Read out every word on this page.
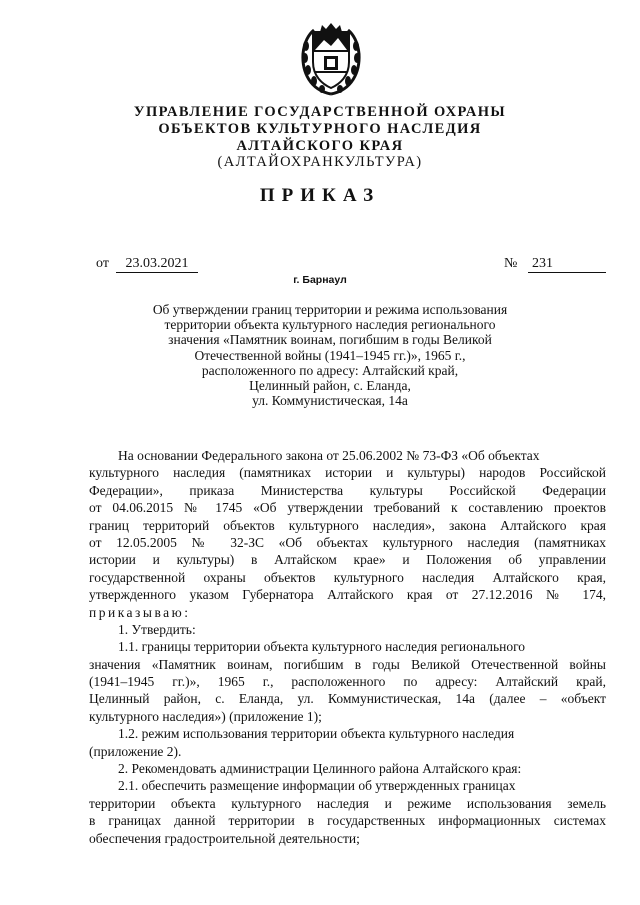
УПРАВЛЕНИЕ ГОСУДАРСТВЕННОЙ ОХРАНЫ
ОБЪЕКТОВ КУЛЬТУРНОГО НАСЛЕДИЯ
АЛТАЙСКОГО КРАЯ
(АЛТАЙОХРАНКУЛЬТУРА)
ПРИКАЗ
от	23.03.2021	№ 231
г. Барнаул
Об утверждении границ территории и режима использования
территории объекта культурного наследия регионального
значения «Памятник воинам, погибшим в годы Великой
Отечественной войны (1941–1945 гг.)», 1965 г.,
расположенного по адресу: Алтайский край,
Целинный район, с. Еланда,
ул. Коммунистическая, 14а
На основании Федерального закона от 25.06.2002 № 73-ФЗ «Об объектах
культурного наследия (памятниках истории и культуры) народов Российской
Федерации», приказа Министерства культуры Российской Федерации
от 04.06.2015 № 1745 «Об утверждении требований к составлению проектов
границ территорий объектов культурного наследия», закона Алтайского края
от 12.05.2005 № 32-ЗС «Об объектах культурного наследия (памятниках
истории и культуры) в Алтайском крае» и Положения об управлении
государственной охраны объектов культурного наследия Алтайского края,
утвержденного указом Губернатора Алтайского края от 27.12.2016 № 174,
приказываю:
1. Утвердить:
1.1. границы территории объекта культурного наследия регионального
значения «Памятник воинам, погибшим в годы Великой Отечественной войны
(1941–1945 гг.)», 1965 г., расположенного по адресу: Алтайский край,
Целинный район, с. Еланда, ул. Коммунистическая, 14а (далее – «объект
культурного наследия») (приложение 1);
1.2. режим использования территории объекта культурного наследия
(приложение 2).
2. Рекомендовать администрации Целинного района Алтайского края:
2.1. обеспечить размещение информации об утвержденных границах
территории объекта культурного наследия и режиме использования земель
в границах данной территории в государственных информационных системах
обеспечения градостроительной деятельности;
